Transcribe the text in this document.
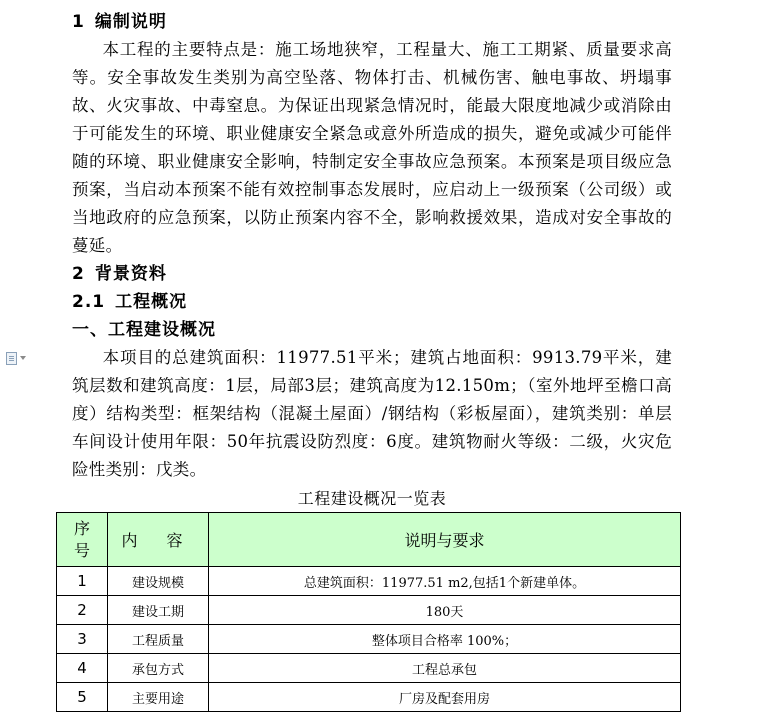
1 编制说明

本工程的主要特点是：施工场地狭窄，工程量大、施工工期紧、质量要求高等。安全事故发生类别为高空坠落、物体打击、机械伤害、触电事故、坍塌事故、火灾事故、中毒窒息。为保证出现紧急情况时，能最大限度地减少或消除由于可能发生的环境、职业健康安全紧急或意外所造成的损失，避免或减少可能伴随的环境、职业健康安全影响，特制定安全事故应急预案。本预案是项目级应急预案，当启动本预案不能有效控制事态发展时，应启动上一级预案（公司级）或当地政府的应急预案，以防止预案内容不全，影响救援效果，造成对安全事故的蔓延。

2 背景资料
2.1 工程概况
一、工程建设概况

本项目的总建筑面积：11977.51平米；建筑占地面积：9913.79平米，建筑层数和建筑高度：1层，局部3层；建筑高度为12.150m；（室外地坪至檐口高度）结构类型：框架结构（混凝土屋面）/钢结构（彩板屋面），建筑类别：单层车间设计使用年限：50年抗震设防烈度：6度。建筑物耐火等级：二级，火灾危险性类别：戊类。

工程建设概况一览表
序
号	内 容	说明与要求
1	建设规模	总建筑面积：11977.51 m2,包括1个新建单体。
2	建设工期	180天
3	工程质量	整体项目合格率 100%；
4	承包方式	工程总承包
5	主要用途	厂房及配套用房
